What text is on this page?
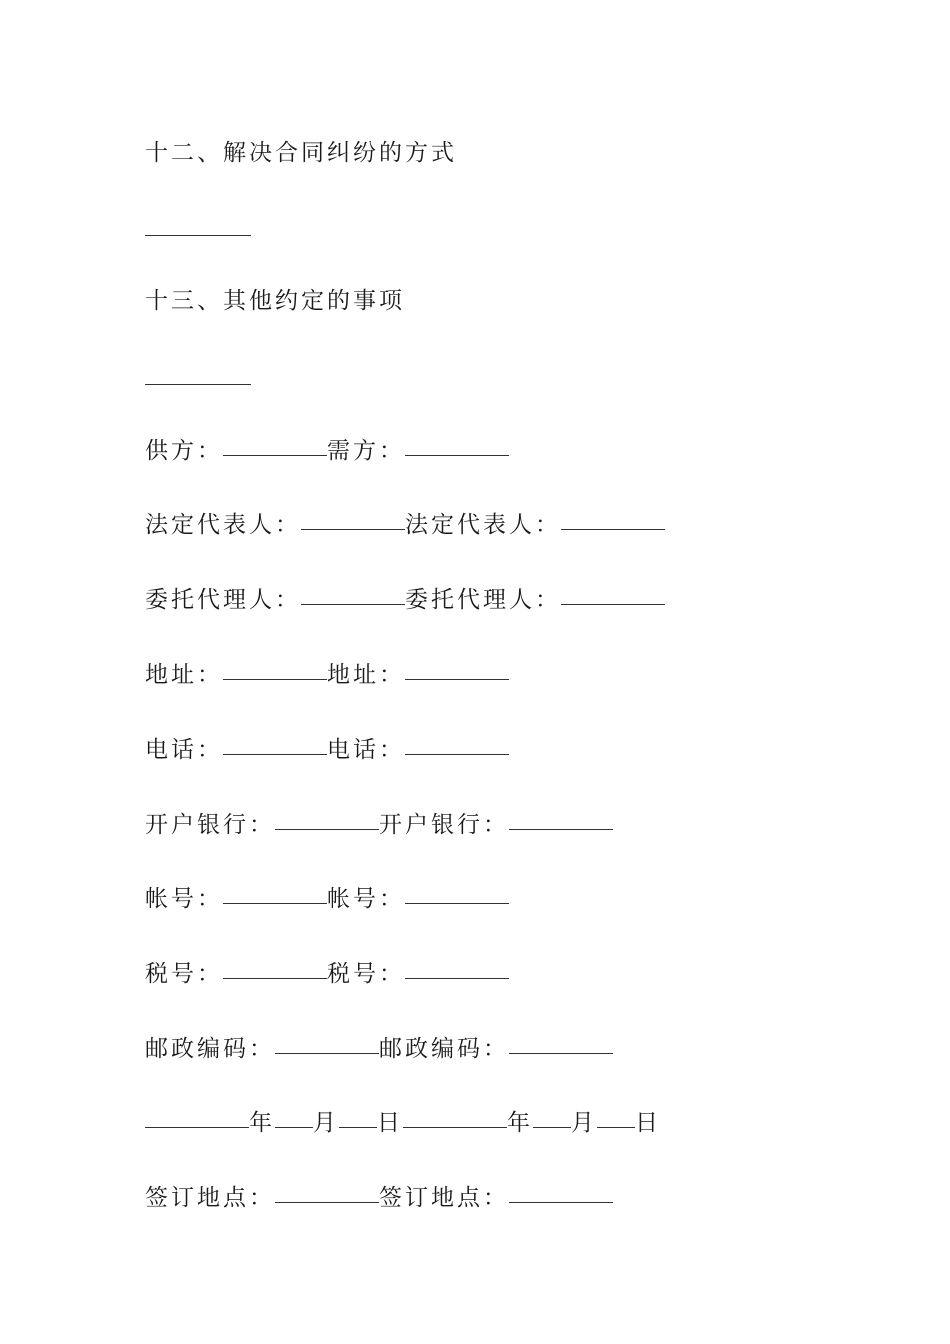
十二、解决合同纠纷的方式
十三、其他约定的事项
供方：	需方：
法定代表人：	法定代表人：
委托代理人：	委托代理人：
地址：	地址：
电话：	电话：
开户银行：	开户银行：
帐号：	帐号：
税号：	税号：
邮政编码：	邮政编码：
年 月 日	年 月 日
签订地点：	签订地点：
